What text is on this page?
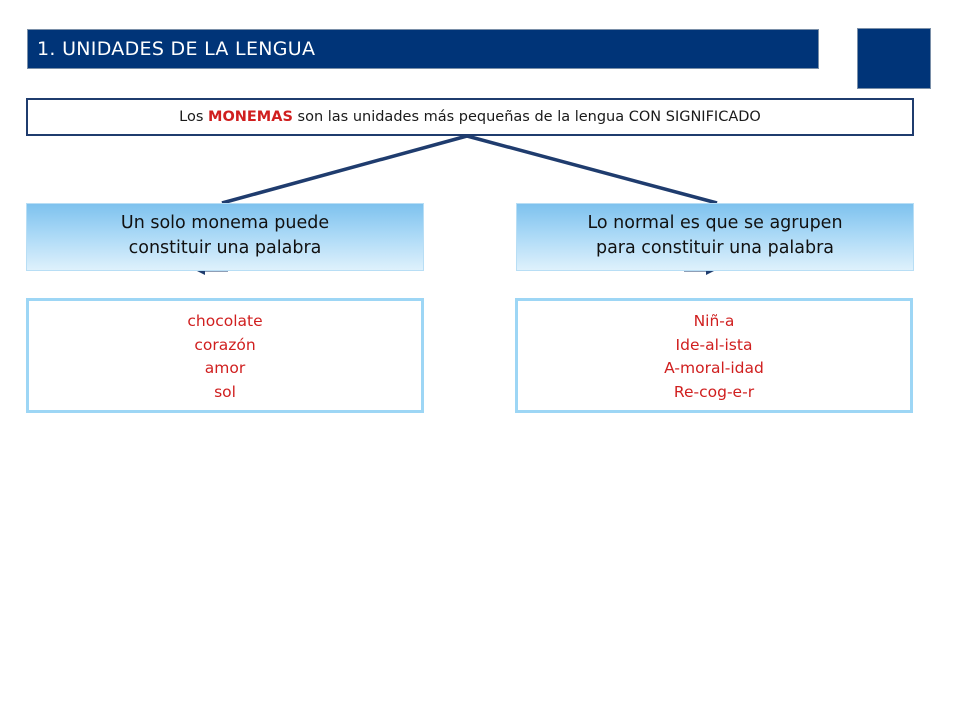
1. UNIDADES DE LA LENGUA
Los MONEMAS son las unidades más pequeñas de la lengua CON SIGNIFICADO
Un solo monema puede
constituir una palabra
Lo normal es que se agrupen
para constituir una palabra
chocolate
corazón
amor
sol
Niñ-a
Ide-al-ista
A-moral-idad
Re-cog-e-r
